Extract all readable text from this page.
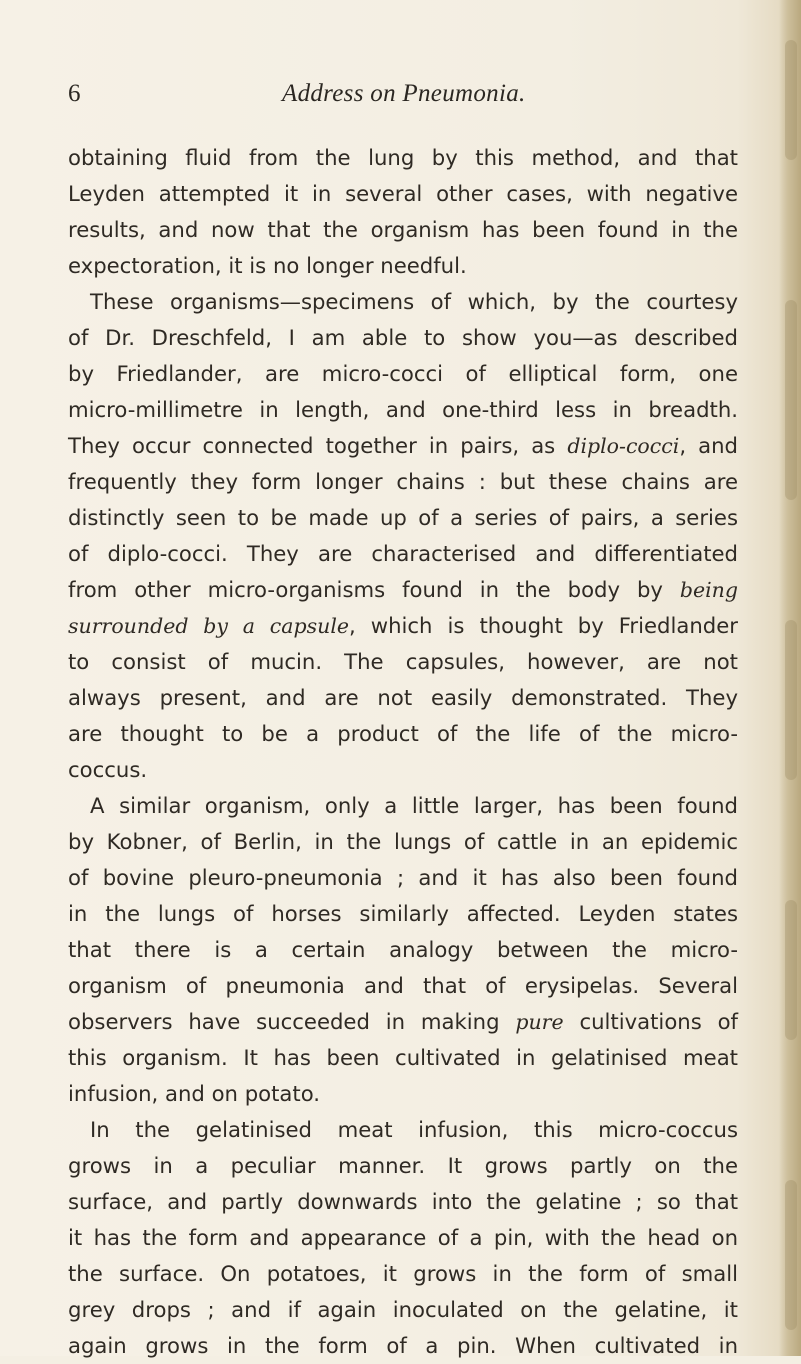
6	Address on Pneumonia.
obtaining fluid from the lung by this method, and that
Leyden attempted it in several other cases, with negative
results, and now that the organism has been found in the
expectoration, it is no longer needful.
These organisms—specimens of which, by the courtesy
of Dr. Dreschfeld, I am able to show you—as described
by Friedlander, are micro-cocci of elliptical form, one
micro-millimetre in length, and one-third less in breadth.
They occur connected together in pairs, as diplo-cocci, and
frequently they form longer chains : but these chains are
distinctly seen to be made up of a series of pairs, a series
of diplo-cocci. They are characterised and differentiated
from other micro-organisms found in the body by being
surrounded by a capsule, which is thought by Friedlander
to consist of mucin. The capsules, however, are not
always present, and are not easily demonstrated. They
are thought to be a product of the life of the micro-
coccus.
A similar organism, only a little larger, has been found
by Kobner, of Berlin, in the lungs of cattle in an epidemic
of bovine pleuro-pneumonia ; and it has also been found
in the lungs of horses similarly affected. Leyden states
that there is a certain analogy between the micro-
organism of pneumonia and that of erysipelas. Several
observers have succeeded in making pure cultivations of
this organism. It has been cultivated in gelatinised meat
infusion, and on potato.
In the gelatinised meat infusion, this micro-coccus
grows in a peculiar manner. It grows partly on the
surface, and partly downwards into the gelatine ; so that
it has the form and appearance of a pin, with the head on
the surface. On potatoes, it grows in the form of small
grey drops ; and if again inoculated on the gelatine, it
again grows in the form of a pin. When cultivated in
